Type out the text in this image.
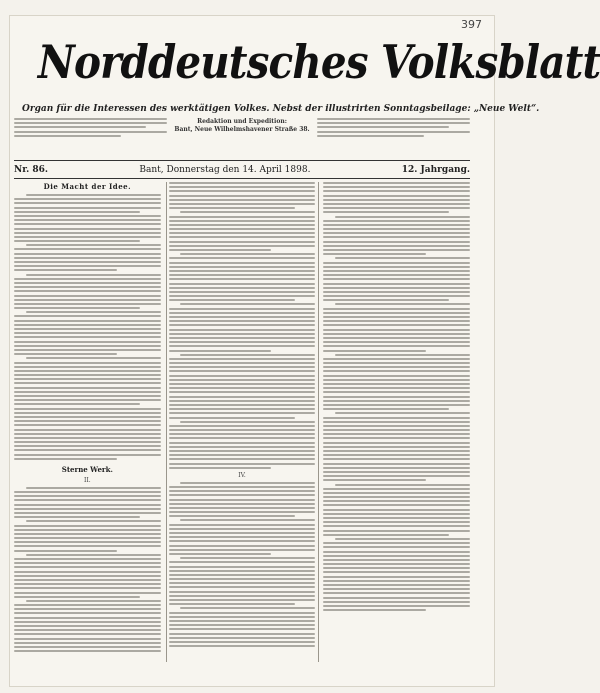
397
Norddeutsches Volksblatt
Organ für die Interessen des werktätigen Volkes. Nebst der illustrirten Sonntagsbeilage: „Neue Welt“.
Redaktion und Expedition:
Bant, Neue Wilhelmshavener Straße 38.
Nr. 86.	Bant, Donnerstag den 14. April 1898.	12. Jahrgang.
Die Macht der Idee.
Sterne Werk.
II.
IV.
